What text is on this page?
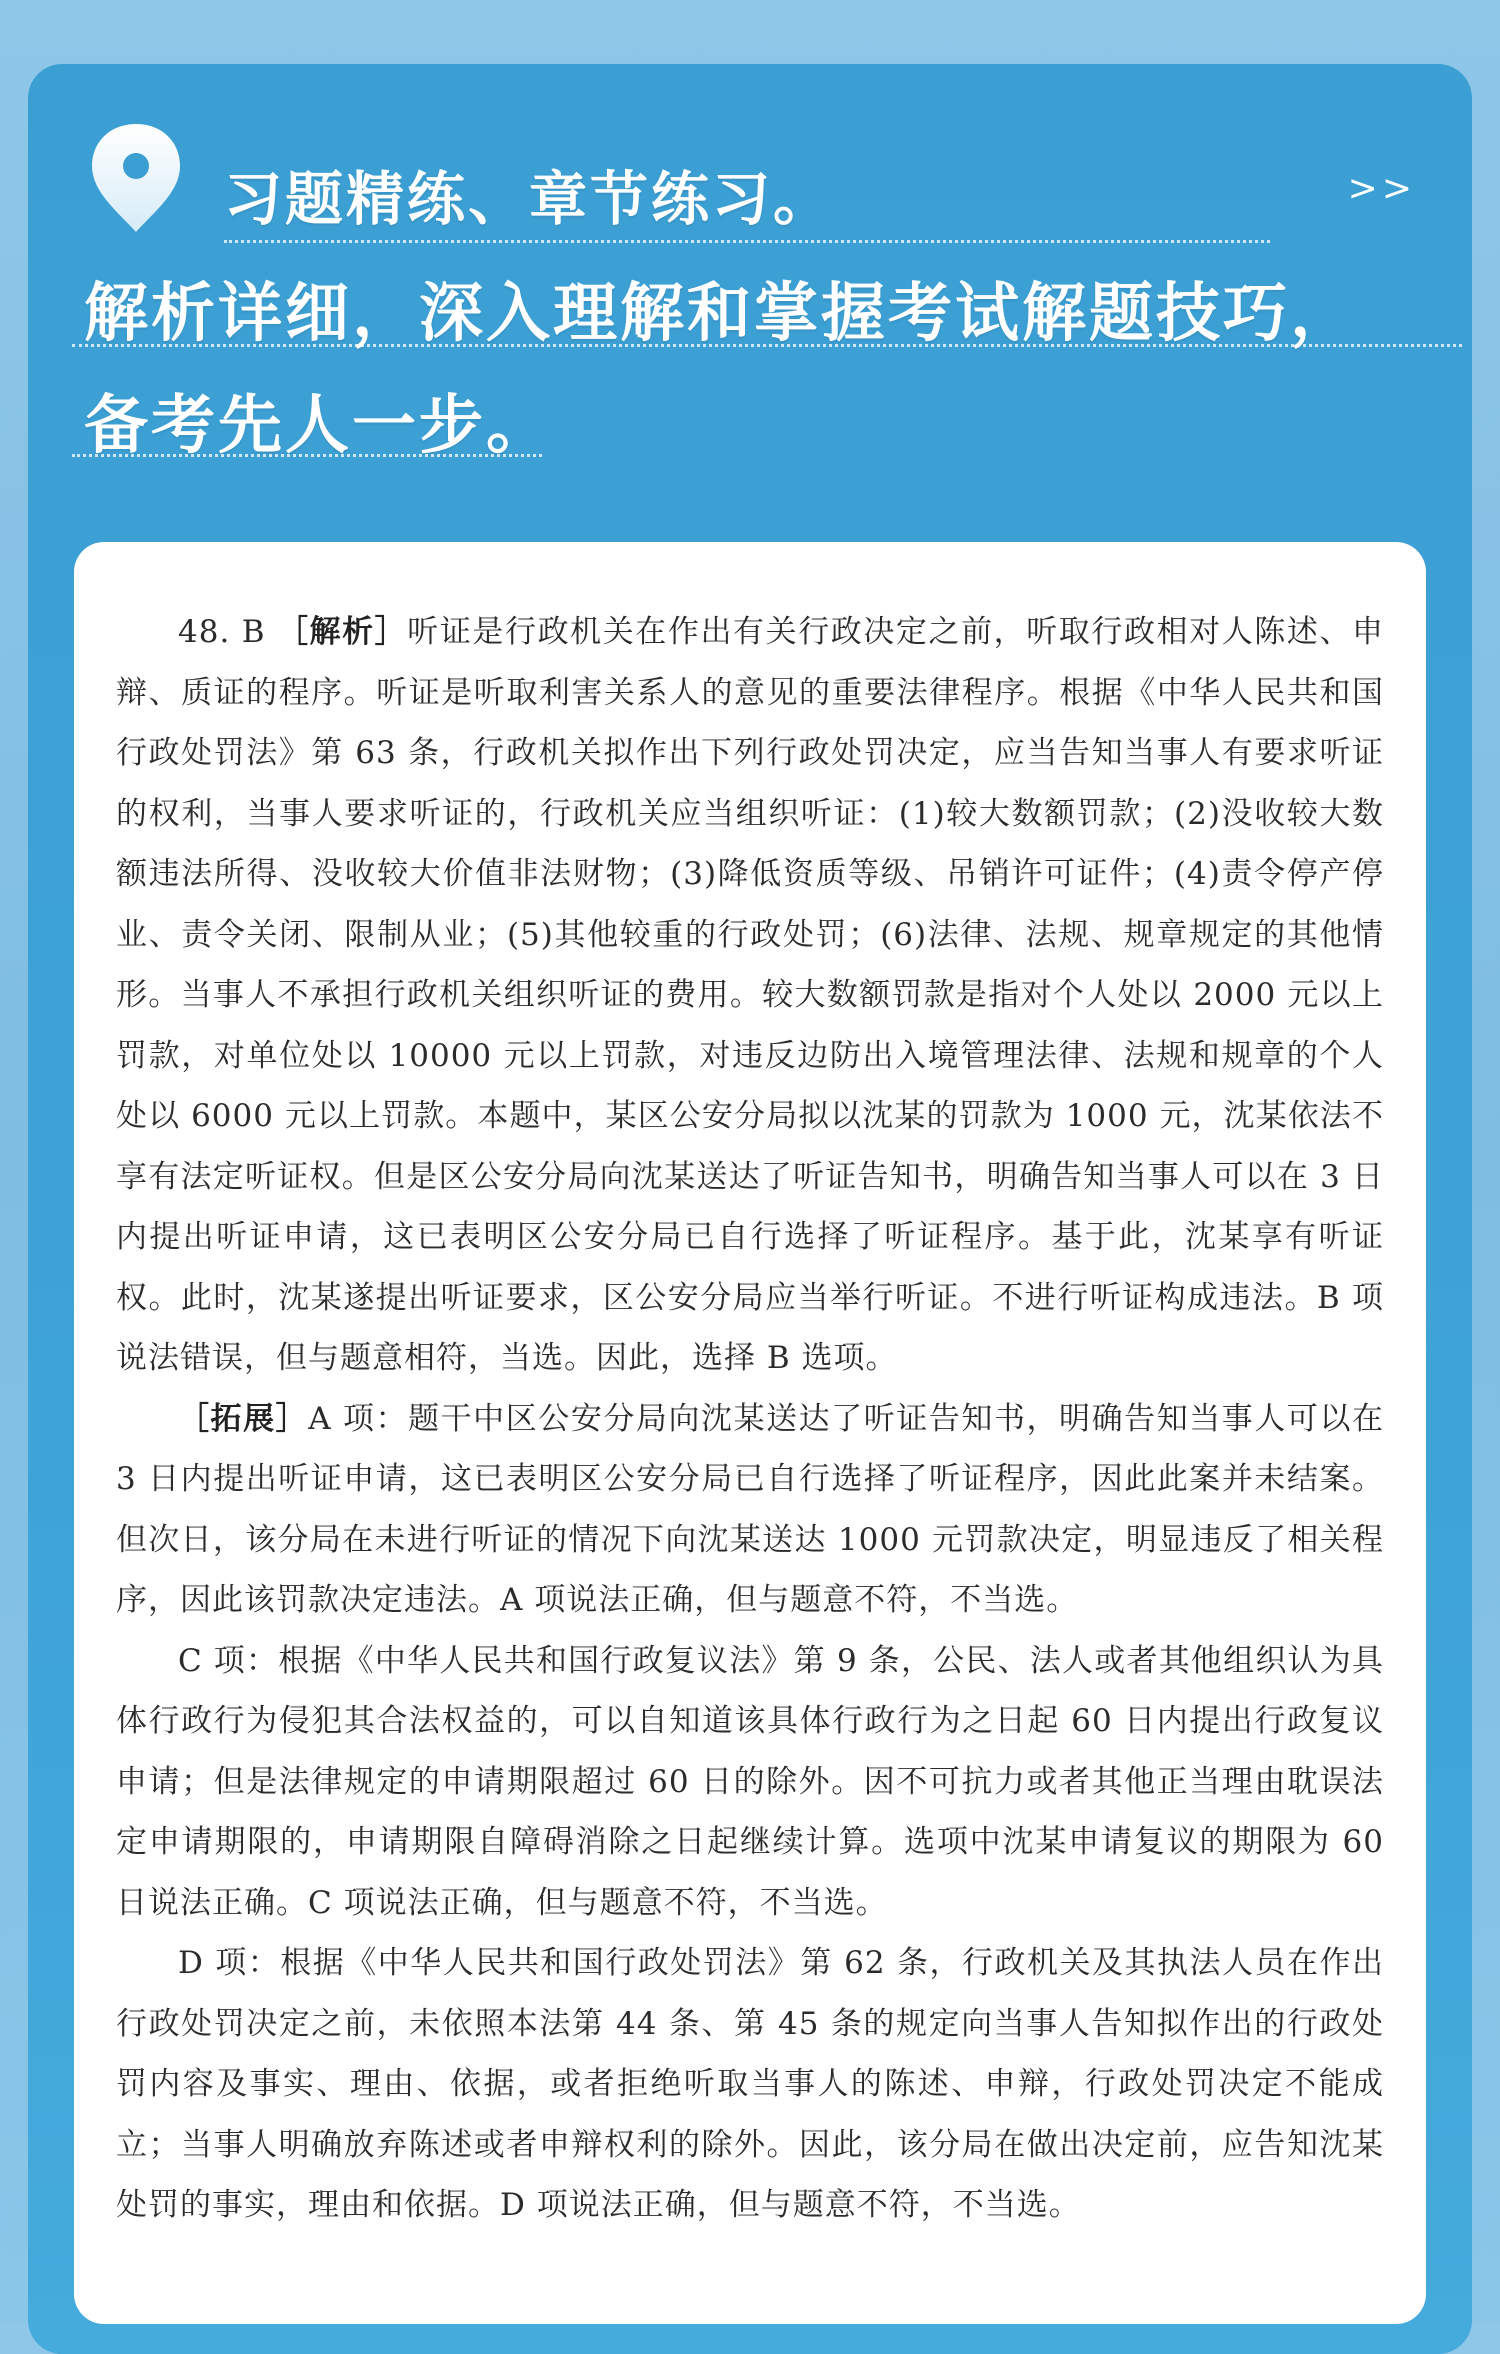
习题精练、章节练习。	>>
解析详细，深入理解和掌握考试解题技巧，
备考先人一步。

48. B ［解析］听证是行政机关在作出有关行政决定之前，听取行政相对人陈述、申辩、质证的程序。听证是听取利害关系人的意见的重要法律程序。根据《中华人民共和国行政处罚法》第 63 条，行政机关拟作出下列行政处罚决定，应当告知当事人有要求听证的权利，当事人要求听证的，行政机关应当组织听证：(1)较大数额罚款；(2)没收较大数额违法所得、没收较大价值非法财物；(3)降低资质等级、吊销许可证件；(4)责令停产停业、责令关闭、限制从业；(5)其他较重的行政处罚；(6)法律、法规、规章规定的其他情形。当事人不承担行政机关组织听证的费用。较大数额罚款是指对个人处以 2000 元以上罚款，对单位处以 10000 元以上罚款，对违反边防出入境管理法律、法规和规章的个人处以 6000 元以上罚款。本题中，某区公安分局拟以沈某的罚款为 1000 元，沈某依法不享有法定听证权。但是区公安分局向沈某送达了听证告知书，明确告知当事人可以在 3 日内提出听证申请，这已表明区公安分局已自行选择了听证程序。基于此，沈某享有听证权。此时，沈某遂提出听证要求，区公安分局应当举行听证。不进行听证构成违法。B 项说法错误，但与题意相符，当选。因此，选择 B 选项。

［拓展］A 项：题干中区公安分局向沈某送达了听证告知书，明确告知当事人可以在 3 日内提出听证申请，这已表明区公安分局已自行选择了听证程序，因此此案并未结案。但次日，该分局在未进行听证的情况下向沈某送达 1000 元罚款决定，明显违反了相关程序，因此该罚款决定违法。A 项说法正确，但与题意不符，不当选。

C 项：根据《中华人民共和国行政复议法》第 9 条，公民、法人或者其他组织认为具体行政行为侵犯其合法权益的，可以自知道该具体行政行为之日起 60 日内提出行政复议申请；但是法律规定的申请期限超过 60 日的除外。因不可抗力或者其他正当理由耽误法定申请期限的，申请期限自障碍消除之日起继续计算。选项中沈某申请复议的期限为 60 日说法正确。C 项说法正确，但与题意不符，不当选。

D 项：根据《中华人民共和国行政处罚法》第 62 条，行政机关及其执法人员在作出行政处罚决定之前，未依照本法第 44 条、第 45 条的规定向当事人告知拟作出的行政处罚内容及事实、理由、依据，或者拒绝听取当事人的陈述、申辩，行政处罚决定不能成立；当事人明确放弃陈述或者申辩权利的除外。因此，该分局在做出决定前，应告知沈某处罚的事实，理由和依据。D 项说法正确，但与题意不符，不当选。
